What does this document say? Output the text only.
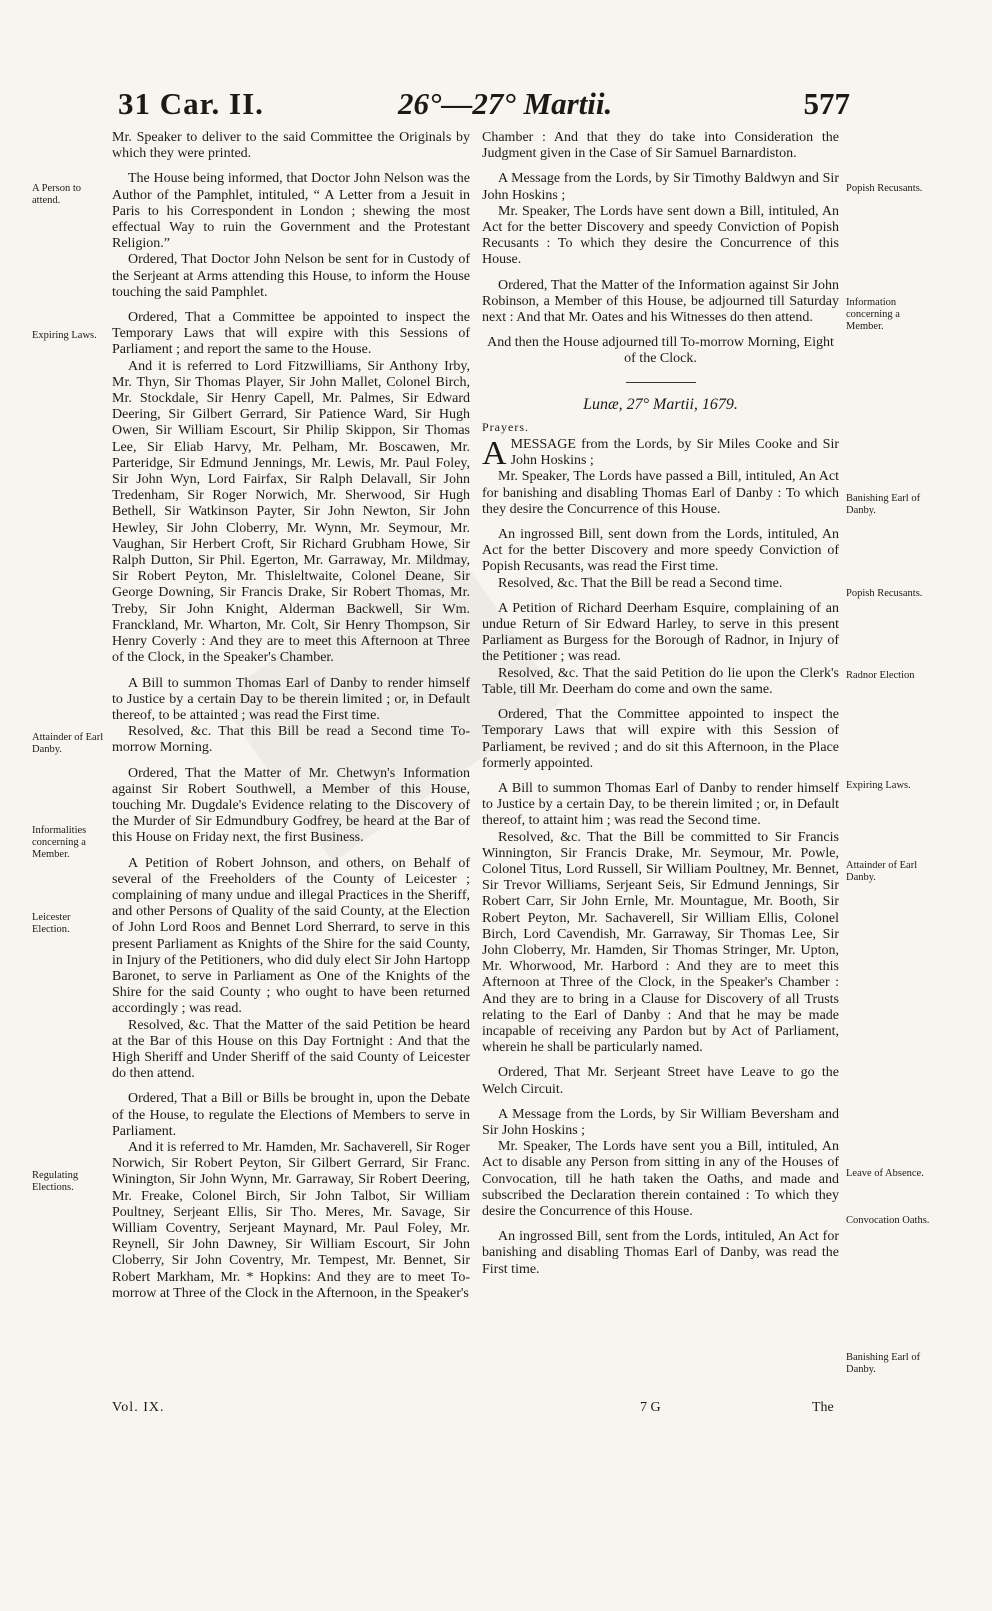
31 Car. II.	26°—27° Martii.	577

Mr. Speaker to deliver to the said Committee the Originals by which they were printed.

The House being informed, that Doctor John Nelson was the Author of the Pamphlet, intituled, “ A Letter from a Jesuit in Paris to his Correspondent in London ; shewing the most effectual Way to ruin the Government and the Protestant Religion.”

Ordered, That Doctor John Nelson be sent for in Custody of the Serjeant at Arms attending this House, to inform the House touching the said Pamphlet.

Ordered, That a Committee be appointed to inspect the Temporary Laws that will expire with this Sessions of Parliament ; and report the same to the House.

And it is referred to Lord Fitzwilliams, Sir Anthony Irby, Mr. Thyn, Sir Thomas Player, Sir John Mallet, Colonel Birch, Mr. Stockdale, Sir Henry Capell, Mr. Palmes, Sir Edward Deering, Sir Gilbert Gerrard, Sir Patience Ward, Sir Hugh Owen, Sir William Escourt, Sir Philip Skippon, Sir Thomas Lee, Sir Eliab Harvy, Mr. Pelham, Mr. Boscawen, Mr. Parteridge, Sir Edmund Jennings, Mr. Lewis, Mr. Paul Foley, Sir John Wyn, Lord Fairfax, Sir Ralph Delavall, Sir John Tredenham, Sir Roger Norwich, Mr. Sherwood, Sir Hugh Bethell, Sir Watkinson Payter, Sir John Newton, Sir John Hewley, Sir John Cloberry, Mr. Wynn, Mr. Seymour, Mr. Vaughan, Sir Herbert Croft, Sir Richard Grubham Howe, Sir Ralph Dutton, Sir Phil. Egerton, Mr. Garraway, Mr. Mildmay, Sir Robert Peyton, Mr. Thisleltwaite, Colonel Deane, Sir George Downing, Sir Francis Drake, Sir Robert Thomas, Mr. Treby, Sir John Knight, Alderman Backwell, Sir Wm. Franckland, Mr. Wharton, Mr. Colt, Sir Henry Thompson, Sir Henry Coverly : And they are to meet this Afternoon at Three of the Clock, in the Speaker's Chamber.

A Bill to summon Thomas Earl of Danby to render himself to Justice by a certain Day to be therein limited ; or, in Default thereof, to be attainted ; was read the First time.

Resolved, &c. That this Bill be read a Second time To-morrow Morning.

Ordered, That the Matter of Mr. Chetwyn's Information against Sir Robert Southwell, a Member of this House, touching Mr. Dugdale's Evidence relating to the Discovery of the Murder of Sir Edmundbury Godfrey, be heard at the Bar of this House on Friday next, the first Business.

A Petition of Robert Johnson, and others, on Behalf of several of the Freeholders of the County of Leicester ; complaining of many undue and illegal Practices in the Sheriff, and other Persons of Quality of the said County, at the Election of John Lord Roos and Bennet Lord Sherrard, to serve in this present Parliament as Knights of the Shire for the said County, in Injury of the Petitioners, who did duly elect Sir John Hartopp Baronet, to serve in Parliament as One of the Knights of the Shire for the said County ; who ought to have been returned accordingly ; was read.

Resolved, &c. That the Matter of the said Petition be heard at the Bar of this House on this Day Fortnight : And that the High Sheriff and Under Sheriff of the said County of Leicester do then attend.

Ordered, That a Bill or Bills be brought in, upon the Debate of the House, to regulate the Elections of Members to serve in Parliament.

And it is referred to Mr. Hamden, Mr. Sachaverell, Sir Roger Norwich, Sir Robert Peyton, Sir Gilbert Gerrard, Sir Franc. Winington, Sir John Wynn, Mr. Garraway, Sir Robert Deering, Mr. Freake, Colonel Birch, Sir John Talbot, Sir William Poultney, Serjeant Ellis, Sir Tho. Meres, Mr. Savage, Sir William Coventry, Serjeant Maynard, Mr. Paul Foley, Mr. Reynell, Sir John Dawney, Sir William Escourt, Sir John Cloberry, Sir John Coventry, Mr. Tempest, Mr. Bennet, Sir Robert Markham, Mr. * Hopkins: And they are to meet To-morrow at Three of the Clock in the Afternoon, in the Speaker's

Chamber : And that they do take into Consideration the Judgment given in the Case of Sir Samuel Barnardiston.

A Message from the Lords, by Sir Timothy Baldwyn and Sir John Hoskins ;

Mr. Speaker, The Lords have sent down a Bill, intituled, An Act for the better Discovery and speedy Conviction of Popish Recusants : To which they desire the Concurrence of this House.

Ordered, That the Matter of the Information against Sir John Robinson, a Member of this House, be adjourned till Saturday next : And that Mr. Oates and his Witnesses do then attend.

And then the House adjourned till To-morrow Morning, Eight of the Clock.

Lunæ, 27° Martii, 1679.
Prayers.

AMESSAGE from the Lords, by Sir Miles Cooke and Sir John Hoskins ;

Mr. Speaker, The Lords have passed a Bill, intituled, An Act for banishing and disabling Thomas Earl of Danby : To which they desire the Concurrence of this House.

An ingrossed Bill, sent down from the Lords, intituled, An Act for the better Discovery and more speedy Conviction of Popish Recusants, was read the First time.

Resolved, &c. That the Bill be read a Second time.

A Petition of Richard Deerham Esquire, complaining of an undue Return of Sir Edward Harley, to serve in this present Parliament as Burgess for the Borough of Radnor, in Injury of the Petitioner ; was read.

Resolved, &c. That the said Petition do lie upon the Clerk's Table, till Mr. Deerham do come and own the same.

Ordered, That the Committee appointed to inspect the Temporary Laws that will expire with this Session of Parliament, be revived ; and do sit this Afternoon, in the Place formerly appointed.

A Bill to summon Thomas Earl of Danby to render himself to Justice by a certain Day, to be therein limited ; or, in Default thereof, to attaint him ; was read the Second time.

Resolved, &c. That the Bill be committed to Sir Francis Winnington, Sir Francis Drake, Mr. Seymour, Mr. Powle, Colonel Titus, Lord Russell, Sir William Poultney, Mr. Bennet, Sir Trevor Williams, Serjeant Seis, Sir Edmund Jennings, Sir Robert Carr, Sir John Ernle, Mr. Mountague, Mr. Booth, Sir Robert Peyton, Mr. Sachaverell, Sir William Ellis, Colonel Birch, Lord Cavendish, Mr. Garraway, Sir Thomas Lee, Sir John Cloberry, Mr. Hamden, Sir Thomas Stringer, Mr. Upton, Mr. Whorwood, Mr. Harbord : And they are to meet this Afternoon at Three of the Clock, in the Speaker's Chamber : And they are to bring in a Clause for Discovery of all Trusts relating to the Earl of Danby : And that he may be made incapable of receiving any Pardon but by Act of Parliament, wherein he shall be particularly named.

Ordered, That Mr. Serjeant Street have Leave to go the Welch Circuit.

A Message from the Lords, by Sir William Beversham and Sir John Hoskins ;

Mr. Speaker, The Lords have sent you a Bill, intituled, An Act to disable any Person from sitting in any of the Houses of Convocation, till he hath taken the Oaths, and made and subscribed the Declaration therein contained : To which they desire the Concurrence of this House.

An ingrossed Bill, sent from the Lords, intituled, An Act for banishing and disabling Thomas Earl of Danby, was read the First time.

A Person to attend.
Expiring Laws.
Attainder of Earl Danby.
Informalities concerning a Member.
Leicester Election.
Regulating Elections.
Popish Recusants.
Information concerning a Member.
Banishing Earl of Danby.
Popish Recusants.
Radnor Election
Expiring Laws.
Attainder of Earl Danby.
Leave of Absence.
Convocation Oaths.
Banishing Earl of Danby.
Vol. IX.	7 G	The
